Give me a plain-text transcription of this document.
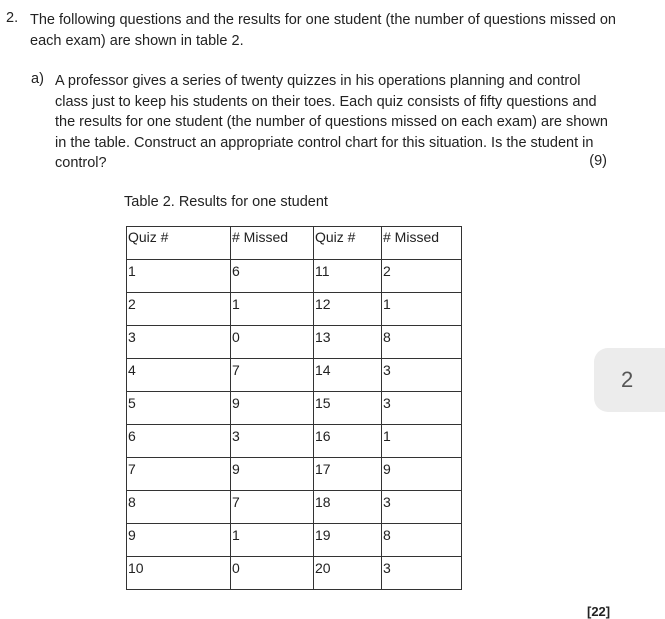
2. The following questions and the results for one student (the number of questions missed on each exam) are shown in table 2.
a) A professor gives a series of twenty quizzes in his operations planning and control class just to keep his students on their toes. Each quiz consists of fifty questions and the results for one student (the number of questions missed on each exam) are shown in the table. Construct an appropriate control chart for this situation. Is the student in control?	(9)
Table 2. Results for one student
Quiz #	# Missed	Quiz #	# Missed
1	6	11	2
2	1	12	1
3	0	13	8
4	7	14	3
5	9	15	3
6	3	16	1
7	9	17	9
8	7	18	3
9	1	19	8
10	0	20	3
2
[22]
